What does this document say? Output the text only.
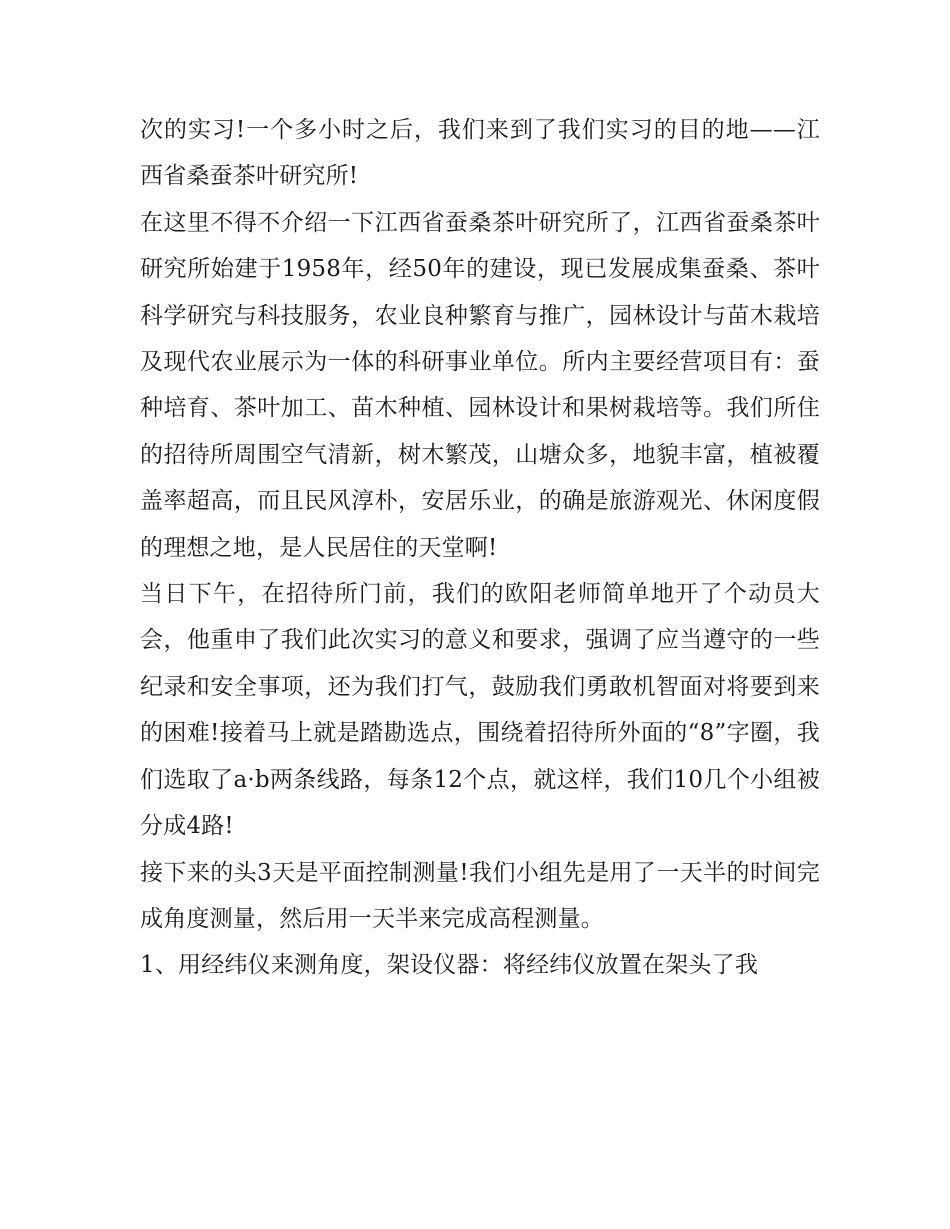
次的实习!一个多小时之后，我们来到了我们实习的目的地——江西省桑蚕茶叶研究所!

在这里不得不介绍一下江西省蚕桑茶叶研究所了，江西省蚕桑茶叶研究所始建于1958年，经50年的建设，现已发展成集蚕桑、茶叶科学研究与科技服务，农业良种繁育与推广，园林设计与苗木栽培及现代农业展示为一体的科研事业单位。所内主要经营项目有：蚕种培育、茶叶加工、苗木种植、园林设计和果树栽培等。我们所住的招待所周围空气清新，树木繁茂，山塘众多，地貌丰富，植被覆盖率超高，而且民风淳朴，安居乐业，的确是旅游观光、休闲度假的理想之地，是人民居住的天堂啊!

当日下午，在招待所门前，我们的欧阳老师简单地开了个动员大会，他重申了我们此次实习的意义和要求，强调了应当遵守的一些纪录和安全事项，还为我们打气，鼓励我们勇敢机智面对将要到来的困难!接着马上就是踏勘选点，围绕着招待所外面的“8”字圈，我们选取了a·b两条线路，每条12个点，就这样，我们10几个小组被分成4路!

接下来的头3天是平面控制测量!我们小组先是用了一天半的时间完成角度测量，然后用一天半来完成高程测量。

1、用经纬仪来测角度，架设仪器：将经纬仪放置在架头了我
